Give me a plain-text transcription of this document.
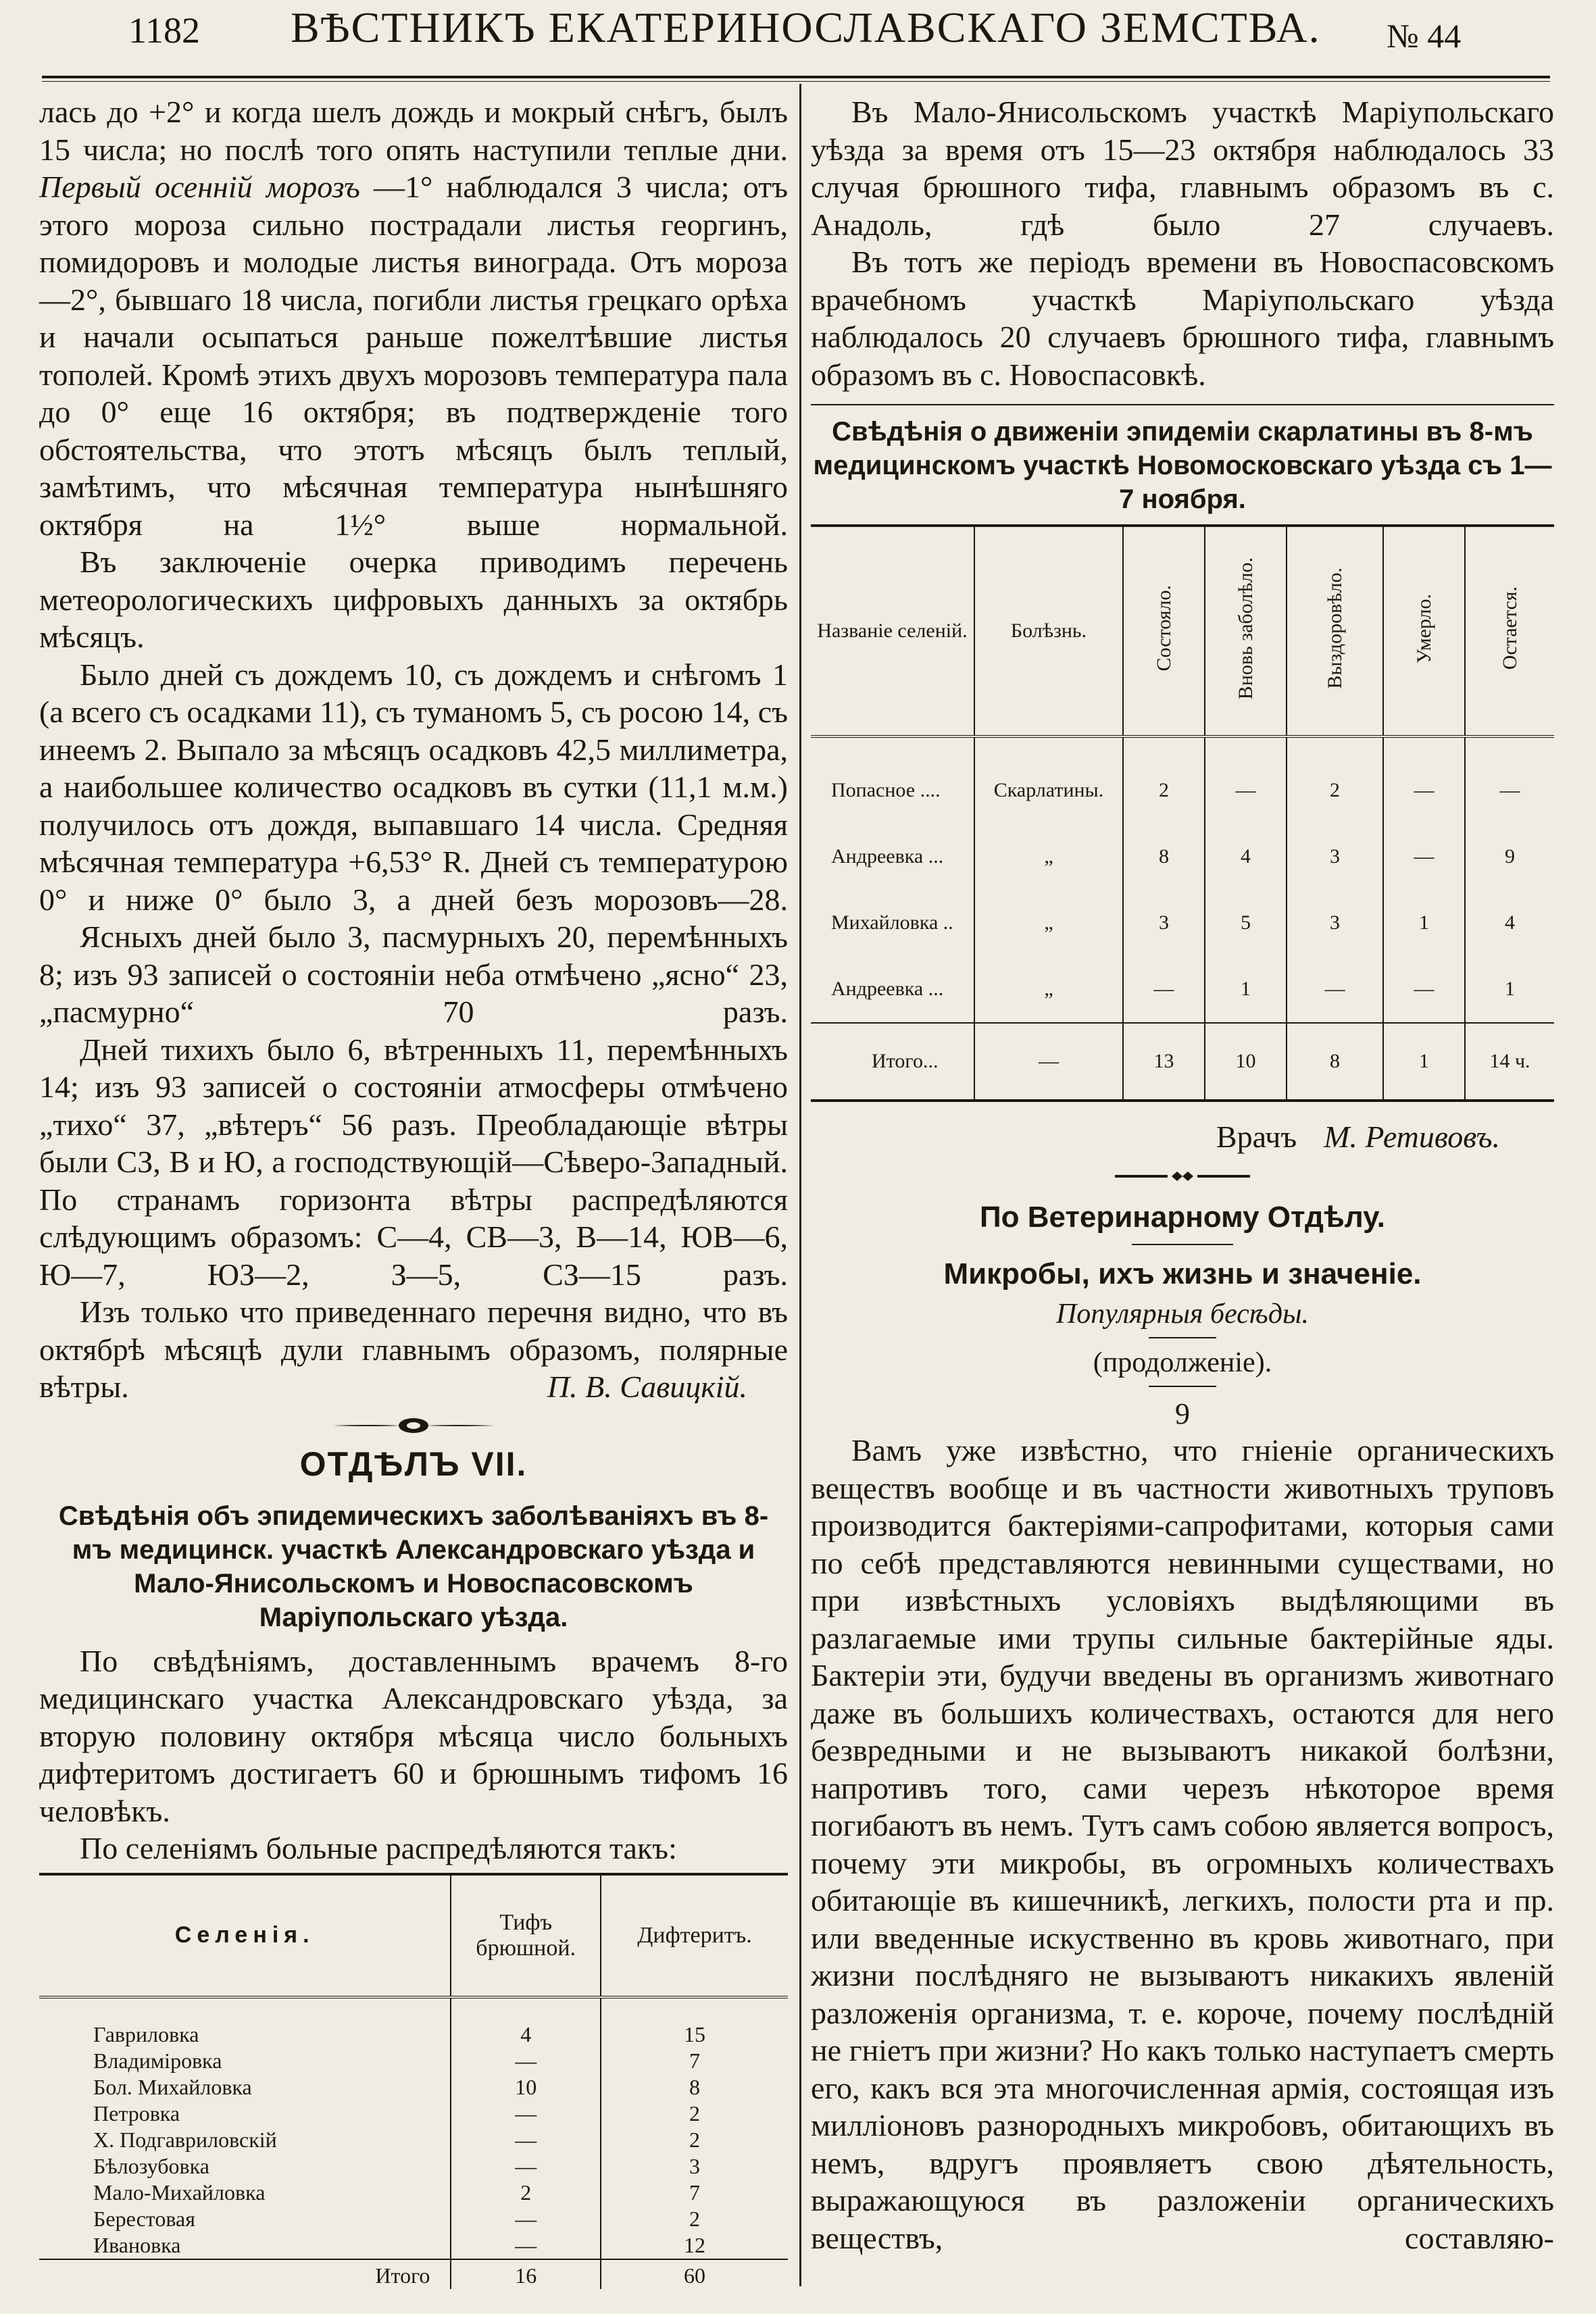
1182 ВѢСТНИКЪ ЕКАТЕРИНОСЛАВСКАГО ЗЕМСТВА. № 44

лась до +2° и когда шелъ дождь и мокрый снѣгъ, былъ 15 числа; но послѣ того опять наступили теплые дни. Первый осенній морозъ —1° наблюдался 3 числа; отъ этого мороза сильно пострадали листья георгинъ, помидоровъ и молодые листья винограда. Отъ мороза —2°, бывшаго 18 числа, погибли листья грецкаго орѣха и начали осыпаться раньше пожелтѣвшие листья тополей. Кромѣ этихъ двухъ морозовъ температура пала до 0° еще 16 октября; въ подтвержденіе того обстоятельства, что этотъ мѣсяцъ былъ теплый, замѣтимъ, что мѣсячная температура нынѣшняго октября на 1½° выше нормальной.

Въ заключеніе очерка приводимъ перечень метеорологическихъ цифровыхъ данныхъ за октябрь мѣсяцъ.

Было дней съ дождемъ 10, съ дождемъ и снѣгомъ 1 (а всего съ осадками 11), съ туманомъ 5, съ росою 14, съ инеемъ 2. Выпало за мѣсяцъ осадковъ 42,5 миллиметра, а наибольшее количество осадковъ въ сутки (11,1 м.м.) получилось отъ дождя, выпавшаго 14 числа. Средняя мѣсячная температура +6,53° R. Дней съ температурою 0° и ниже 0° было 3, а дней безъ морозовъ—28.

Ясныхъ дней было 3, пасмурныхъ 20, перемѣнныхъ 8; изъ 93 записей о состояніи неба отмѣчено „ясно“ 23, „пасмурно“ 70 разъ.

Дней тихихъ было 6, вѣтренныхъ 11, перемѣнныхъ 14; изъ 93 записей о состояніи атмосферы отмѣчено „тихо“ 37, „вѣтеръ“ 56 разъ. Преобладающіе вѣтры были СЗ, В и Ю, а господствующій—Сѣверо-Западный. По странамъ горизонта вѣтры распредѣляются слѣдующимъ образомъ: С—4, СВ—3, В—14, ЮВ—6, Ю—7, ЮЗ—2, З—5, СЗ—15 разъ.

Изъ только что приведеннаго перечня видно, что въ октябрѣ мѣсяцѣ дули главнымъ образомъ, полярные вѣтры.	П. В. Савицкій.

ОТДѢЛЪ VII.
Свѣдѣнія объ эпидемическихъ заболѣваніяхъ въ 8-мъ медицинск. участкѣ Александровскаго уѣзда и Мало-Янисольскомъ и Новоспасовскомъ Маріупольскаго уѣзда.

По свѣдѣніямъ, доставленнымъ врачемъ 8-го медицинскаго участка Александровскаго уѣзда, за вторую половину октября мѣсяца число больныхъ дифтеритомъ достигаетъ 60 и брюшнымъ тифомъ 16 человѣкъ.

По селеніямъ больные распредѣляются такъ:

Селенія.	Тифъ брюшной.	Дифтеритъ.
Гавриловка	4	15
Владиміровка	—	7
Бол. Михайловка	10	8
Петровка	—	2
Х. Подгавриловскій	—	2
Бѣлозубовка	—	3
Мало-Михайловка	2	7
Берестовая	—	2
Ивановка	—	12
Итого	16	60

Въ Мало-Янисольскомъ участкѣ Маріупольскаго уѣзда за время отъ 15—23 октября наблюдалось 33 случая брюшного тифа, главнымъ образомъ въ с. Анадоль, гдѣ было 27 случаевъ.

Въ тотъ же періодъ времени въ Новоспасовскомъ врачебномъ участкѣ Маріупольскаго уѣзда наблюдалось 20 случаевъ брюшного тифа, главнымъ образомъ въ с. Новоспасовкѣ.

Свѣдѣнія о движеніи эпидеміи скарлатины въ 8-мъ медицинскомъ участкѣ Новомосковскаго уѣзда съ 1—7 ноября.
Названіе селеній.	Болѣзнь.	Состояло.	Вновь заболѣло.	Выздоровѣло.	Умерло.	Остается.
Попасное ....	Скарлатины.	2	—	2	—	—
Андреевка ...	„	8	4	3	—	9
Михайловка ..	„	3	5	3	1	4
Андреевка ...	„	—	1	—	—	1
Итого...	—	13	10	8	1	14 ч.
Врачъ М. Ретивовъ.
По Ветеринарному Отдѣлу.
Микробы, ихъ жизнь и значеніе.
Популярныя бесѣды.
(продолженіе).
9

Вамъ уже извѣстно, что гніеніе органическихъ веществъ вообще и въ частности животныхъ труповъ производится бактеріями-сапрофитами, которыя сами по себѣ представляются невинными существами, но при извѣстныхъ условіяхъ выдѣляющими въ разлагаемые ими трупы сильные бактерійные яды. Бактеріи эти, будучи введены въ организмъ животнаго даже въ большихъ количествахъ, остаются для него безвредными и не вызываютъ никакой болѣзни, напротивъ того, сами черезъ нѣкоторое время погибаютъ въ немъ. Тутъ самъ собою является вопросъ, почему эти микробы, въ огромныхъ количествахъ обитающіе въ кишечникѣ, легкихъ, полости рта и пр. или введенные искуственно въ кровь животнаго, при жизни послѣдняго не вызываютъ никакихъ явленій разложенія организма, т. е. короче, почему послѣдній не гніетъ при жизни? Но какъ только наступаетъ смерть его, какъ вся эта многочисленная армія, состоящая изъ милліоновъ разнородныхъ микробовъ, обитающихъ въ немъ, вдругъ проявляетъ свою дѣятельность, выражающуюся въ разложеніи органическихъ веществъ, составляю-
